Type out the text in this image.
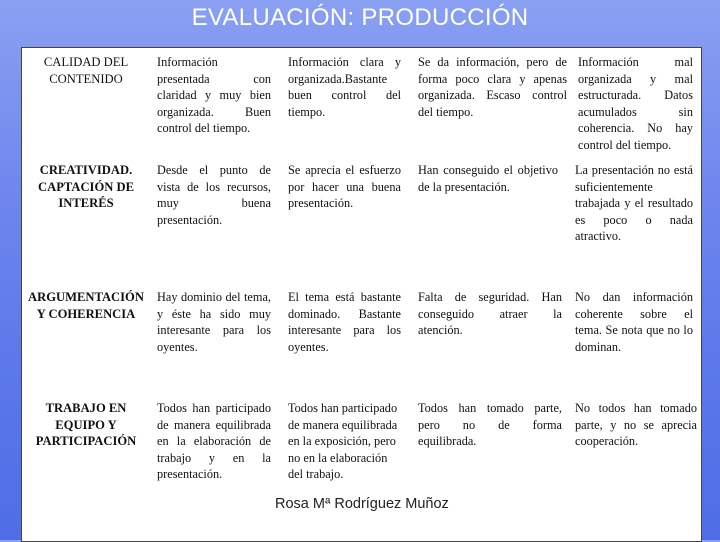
EVALUACIÓN: PRODUCCIÓN
CALIDAD DEL CONTENIDO
Información presentada con claridad y muy bien organizada. Buen control del tiempo.
Información clara y organizada.Bastante buen control del tiempo.
Se da información, pero de forma poco clara y apenas organizada. Escaso control del tiempo.
Información mal organizada y mal estructurada. Datos acumulados sin coherencia. No hay control del tiempo.
CREATIVIDAD. CAPTACIÓN DE INTERÉS
Desde el punto de vista de los recursos, muy buena presentación.
Se aprecia el esfuerzo por hacer una buena presentación.
Han conseguido el objetivo de la presentación.
La presentación no está suficientemente trabajada y el resultado es poco o nada atractivo.
ARGUMENTACIÓN Y COHERENCIA
Hay dominio del tema, y éste ha sido muy interesante para los oyentes.
El tema está bastante dominado. Bastante interesante para los oyentes.
Falta de seguridad. Han conseguido atraer la atención.
No dan información coherente sobre el tema. Se nota que no lo dominan.
TRABAJO EN EQUIPO Y PARTICIPACIÓN
Todos han participado de manera equilibrada en la elaboración de trabajo y en la presentación.
Todos han participado de manera equilibrada en la exposición, pero no en la elaboración del trabajo.
Todos han tomado parte, pero no de forma equilibrada.
No todos han tomado parte, y no se aprecia cooperación.
Rosa Mª Rodríguez Muñoz
